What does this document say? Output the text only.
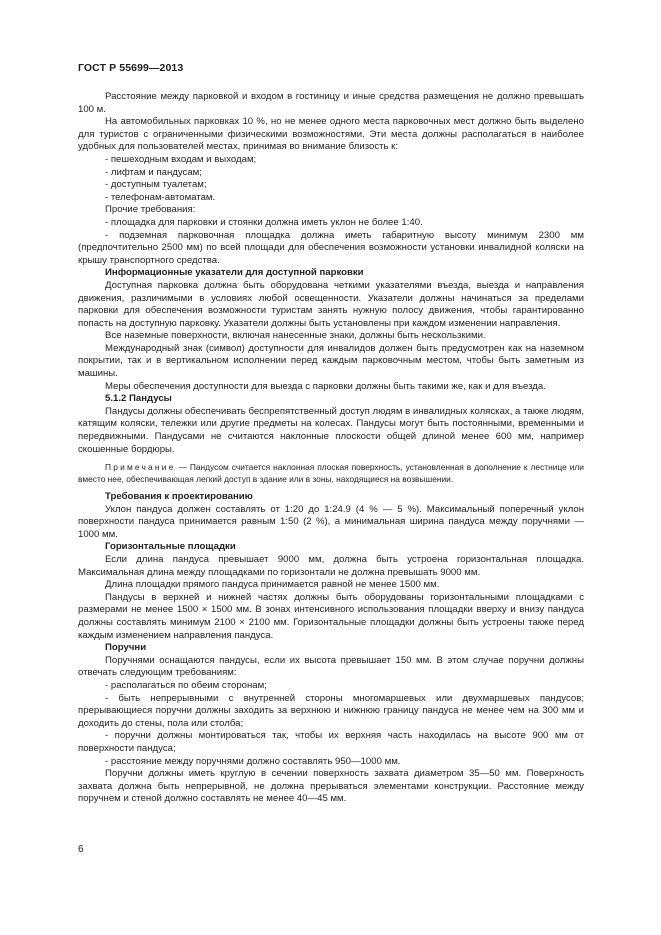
ГОСТ Р 55699—2013

Расстояние между парковкой и входом в гостиницу и иные средства размещения не должно превышать 100 м.

На автомобильных парковках 10 %, но не менее одного места парковочных мест должно быть выделено для туристов с ограниченными физическими возможностями. Эти места должны располагаться в наиболее удобных для пользователей местах, принимая во внимание близость к:

- пешеходным входам и выходам;

- лифтам и пандусам;

- доступным туалетам;

- телефонам-автоматам.

Прочие требования:

- площадка для парковки и стоянки должна иметь уклон не более 1:40.

- подземная парковочная площадка должна иметь габаритную высоту минимум 2300 мм (предпочтительно 2500 мм) по всей площади для обеспечения возможности установки инвалидной коляски на крышу транспортного средства.

Информационные указатели для доступной парковки

Доступная парковка должна быть оборудована четкими указателями въезда, выезда и направления движения, различимыми в условиях любой освещенности. Указатели должны начинаться за пределами парковки для обеспечения возможности туристам занять нужную полосу движения, чтобы гарантированно попасть на доступную парковку. Указатели должны быть установлены при каждом изменении направления.

Все наземные поверхности, включая нанесенные знаки, должны быть нескользкими.

Международный знак (символ) доступности для инвалидов должен быть предусмотрен как на наземном покрытии, так и в вертикальном исполнении перед каждым парковочным местом, чтобы быть заметным из машины.

Меры обеспечения доступности для выезда с парковки должны быть такими же, как и для въезда.

5.1.2 Пандусы

Пандусы должны обеспечивать беспрепятственный доступ людям в инвалидных колясках, а также людям, катящим коляски, тележки или другие предметы на колесах. Пандусы могут быть постоянными, временными и передвижными. Пандусами не считаются наклонные плоскости общей длиной менее 600 мм, например скошенные бордюры.

Примечание — Пандусом считается наклонная плоская поверхность, установленная в дополнение к лестнице или вместо нее, обеспечивающая легкий доступ в здание или в зоны, находящиеся на возвышении.

Требования к проектированию

Уклон пандуса должен составлять от 1:20 до 1:24.9 (4 % — 5 %). Максимальный поперечный уклон поверхности пандуса принимается равным 1:50 (2 %), а минимальная ширина пандуса между поручнями — 1000 мм.

Горизонтальные площадки

Если длина пандуса превышает 9000 мм, должна быть устроена горизонтальная площадка. Максимальная длина между площадками по горизонтали не должна превышать 9000 мм.

Длина площадки прямого пандуса принимается равной не менее 1500 мм.

Пандусы в верхней и нижней частях должны быть оборудованы горизонтальными площадками с размерами не менее 1500 × 1500 мм. В зонах интенсивного использования площадки вверху и внизу пандуса должны составлять минимум 2100 × 2100 мм. Горизонтальные площадки должны быть устроены также перед каждым изменением направления пандуса.

Поручни

Поручнями оснащаются пандусы, если их высота превышает 150 мм. В этом случае поручни должны отвечать следующим требованиям:

- располагаться по обеим сторонам;

- быть непрерывными с внутренней стороны многомаршевых или двухмаршевых пандусов; прерывающиеся поручни должны заходить за верхнюю и нижнюю границу пандуса не менее чем на 300 мм и доходить до стены, пола или столба;

- поручни должны монтироваться так, чтобы их верхняя часть находилась на высоте 900 мм от поверхности пандуса;

- расстояние между поручнями должно составлять 950—1000 мм.

Поручни должны иметь круглую в сечении поверхность захвата диаметром 35—50 мм. Поверхность захвата должна быть непрерывной, не должна прерываться элементами конструкции. Расстояние между поручнем и стеной должно составлять не менее 40—45 мм.

6
